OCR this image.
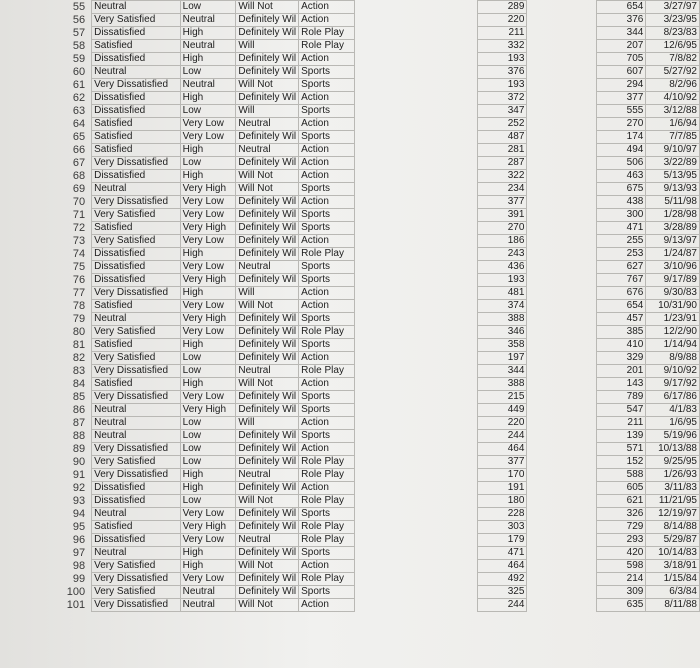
55	Neutral	Low	Will Not	Action		289		654	3/27/97
56	Very Satisfied	Neutral	Definitely Wil	Action		220		376	3/23/95
57	Dissatisfied	High	Definitely Wil	Role Play		211		344	8/23/83
58	Satisfied	Neutral	Will	Role Play		332		207	12/6/95
59	Dissatisfied	High	Definitely Wil	Action		193		705	7/8/82
60	Neutral	Low	Definitely Wil	Sports		376		607	5/27/92
61	Very Dissatisfied	Neutral	Will Not	Sports		193		294	8/2/96
62	Dissatisfied	High	Definitely Wil	Action		372		377	4/10/92
63	Dissatisfied	Low	Will	Sports		347		555	3/12/88
64	Satisfied	Very Low	Neutral	Action		252		270	1/6/94
65	Satisfied	Very Low	Definitely Wil	Sports		487		174	7/7/85
66	Satisfied	High	Neutral	Action		281		494	9/10/97
67	Very Dissatisfied	Low	Definitely Wil	Action		287		506	3/22/89
68	Dissatisfied	High	Will Not	Action		322		463	5/13/95
69	Neutral	Very High	Will Not	Sports		234		675	9/13/93
70	Very Dissatisfied	Very Low	Definitely Wil	Action		377		438	5/11/98
71	Very Satisfied	Very Low	Definitely Wil	Sports		391		300	1/28/98
72	Satisfied	Very High	Definitely Wil	Sports		270		471	3/28/89
73	Very Satisfied	Very Low	Definitely Wil	Action		186		255	9/13/97
74	Dissatisfied	High	Definitely Wil	Role Play		243		253	1/24/87
75	Dissatisfied	Very Low	Neutral	Sports		436		627	3/10/96
76	Dissatisfied	Very High	Definitely Wil	Sports		193		767	9/17/89
77	Very Dissatisfied	High	Will	Action		481		676	9/30/83
78	Satisfied	Very Low	Will Not	Action		374		654	10/31/90
79	Neutral	Very High	Definitely Wil	Sports		388		457	1/23/91
80	Very Satisfied	Very Low	Definitely Wil	Role Play		346		385	12/2/90
81	Satisfied	High	Definitely Wil	Sports		358		410	1/14/94
82	Very Satisfied	Low	Definitely Wil	Action		197		329	8/9/88
83	Very Dissatisfied	Low	Neutral	Role Play		344		201	9/10/92
84	Satisfied	High	Will Not	Action		388		143	9/17/92
85	Very Dissatisfied	Very Low	Definitely Wil	Sports		215		789	6/17/86
86	Neutral	Very High	Definitely Wil	Sports		449		547	4/1/83
87	Neutral	Low	Will	Action		220		211	1/6/95
88	Neutral	Low	Definitely Wil	Sports		244		139	5/19/96
89	Very Dissatisfied	Low	Definitely Wil	Action		464		571	10/13/88
90	Very Satisfied	Low	Definitely Wil	Role Play		377		152	9/25/95
91	Very Dissatisfied	High	Neutral	Role Play		170		588	1/26/93
92	Dissatisfied	High	Definitely Wil	Action		191		605	3/11/83
93	Dissatisfied	Low	Will Not	Role Play		180		621	11/21/95
94	Neutral	Very Low	Definitely Wil	Sports		228		326	12/19/97
95	Satisfied	Very High	Definitely Wil	Role Play		303		729	8/14/88
96	Dissatisfied	Very Low	Neutral	Role Play		179		293	5/29/87
97	Neutral	High	Definitely Wil	Sports		471		420	10/14/83
98	Very Satisfied	High	Will Not	Action		464		598	3/18/91
99	Very Dissatisfied	Very Low	Definitely Wil	Role Play		492		214	1/15/84
100	Very Satisfied	Neutral	Definitely Wil	Sports		325		309	6/3/84
101	Very Dissatisfied	Neutral	Will Not	Action		244		635	8/11/88
